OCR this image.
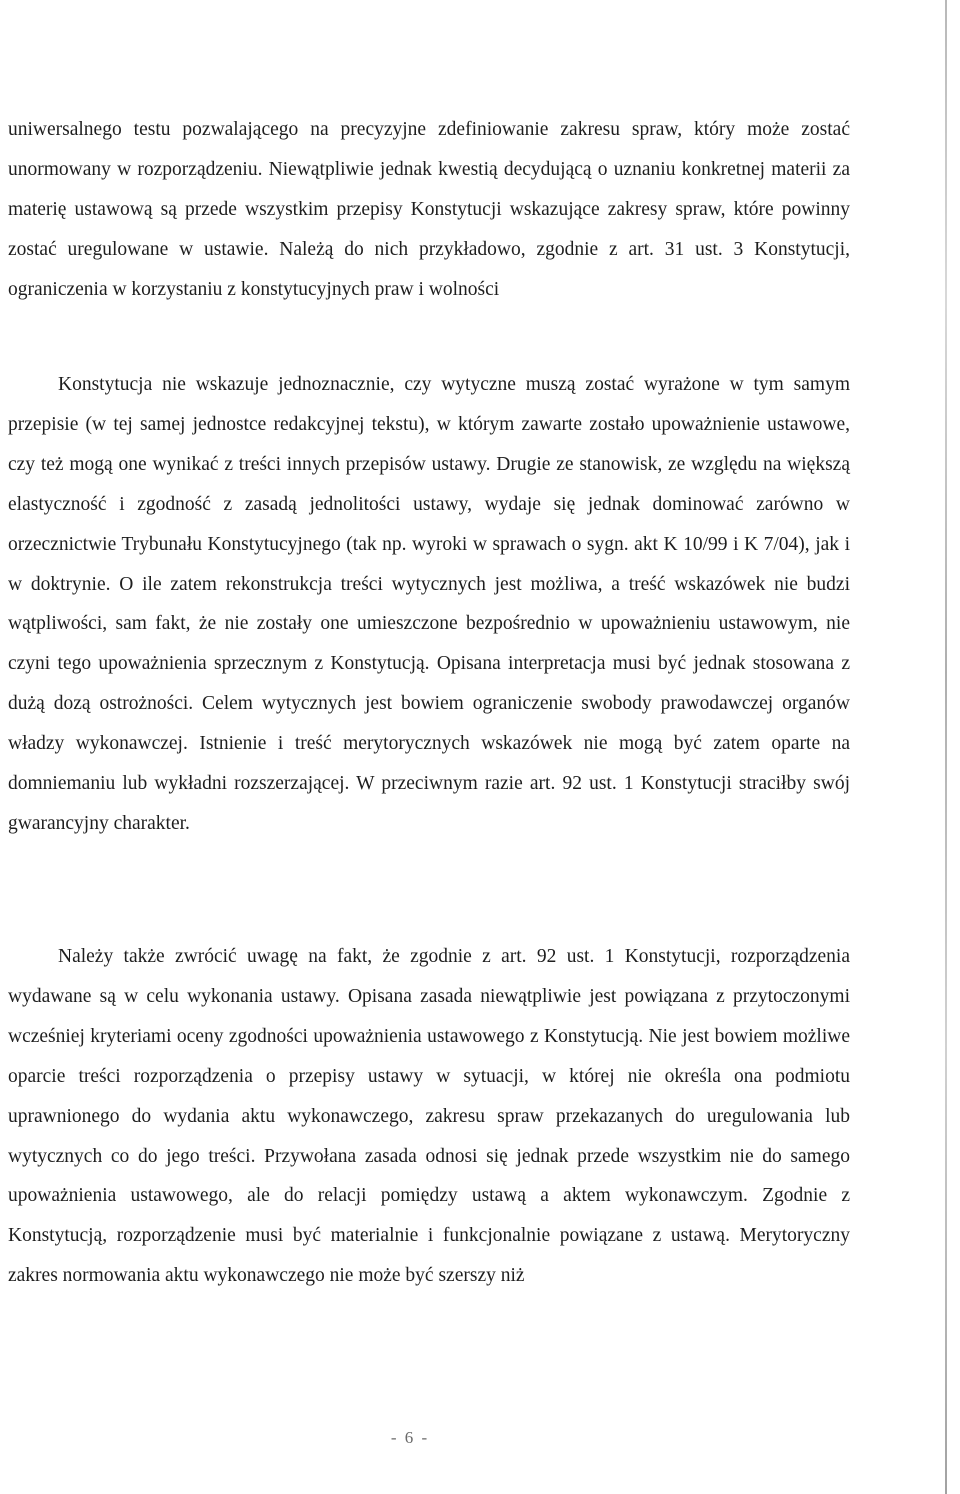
uniwersalnego testu pozwalającego na precyzyjne zdefiniowanie zakresu spraw, który może zostać unormowany w rozporządzeniu. Niewątpliwie jednak kwestią decydującą o uznaniu konkretnej materii za materię ustawową są przede wszystkim przepisy Konstytucji wskazujące zakresy spraw, które powinny zostać uregulowane w ustawie. Należą do nich przykładowo, zgodnie z art. 31 ust. 3 Konstytucji, ograniczenia w korzystaniu z konstytucyjnych praw i wolności

Konstytucja nie wskazuje jednoznacznie, czy wytyczne muszą zostać wyrażone w tym samym przepisie (w tej samej jednostce redakcyjnej tekstu), w którym zawarte zostało upoważnienie ustawowe, czy też mogą one wynikać z treści innych przepisów ustawy. Drugie ze stanowisk, ze względu na większą elastyczność i zgodność z zasadą jednolitości ustawy, wydaje się jednak dominować zarówno w orzecznictwie Trybunału Konstytucyjnego (tak np. wyroki w sprawach o sygn. akt K 10/99 i K 7/04), jak i w doktrynie. O ile zatem rekonstrukcja treści wytycznych jest możliwa, a treść wskazówek nie budzi wątpliwości, sam fakt, że nie zostały one umieszczone bezpośrednio w upoważnieniu ustawowym, nie czyni tego upoważnienia sprzecznym z Konstytucją. Opisana interpretacja musi być jednak stosowana z dużą dozą ostrożności. Celem wytycznych jest bowiem ograniczenie swobody prawodawczej organów władzy wykonawczej. Istnienie i treść merytorycznych wskazówek nie mogą być zatem oparte na domniemaniu lub wykładni rozszerzającej. W przeciwnym razie art. 92 ust. 1 Konstytucji straciłby swój gwarancyjny charakter.

Należy także zwrócić uwagę na fakt, że zgodnie z art. 92 ust. 1 Konstytucji, rozporządzenia wydawane są w celu wykonania ustawy. Opisana zasada niewątpliwie jest powiązana z przytoczonymi wcześniej kryteriami oceny zgodności upoważnienia ustawowego z Konstytucją. Nie jest bowiem możliwe oparcie treści rozporządzenia o przepisy ustawy w sytuacji, w której nie określa ona podmiotu uprawnionego do wydania aktu wykonawczego, zakresu spraw przekazanych do uregulowania lub wytycznych co do jego treści. Przywołana zasada odnosi się jednak przede wszystkim nie do samego upoważnienia ustawowego, ale do relacji pomiędzy ustawą a aktem wykonawczym. Zgodnie z Konstytucją, rozporządzenie musi być materialnie i funkcjonalnie powiązane z ustawą. Merytoryczny zakres normowania aktu wykonawczego nie może być szerszy niż

- 6 -
